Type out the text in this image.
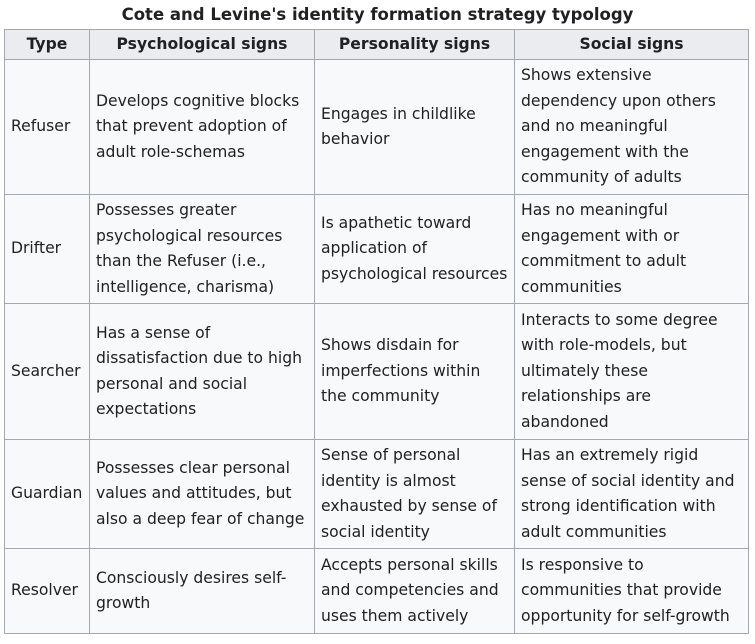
Cote and Levine's identity formation strategy typology
Type	Psychological signs	Personality signs	Social signs
Refuser	Develops cognitive blocks that prevent adoption of adult role-schemas	Engages in childlike behavior	Shows extensive dependency upon others and no meaningful engagement with the community of adults
Drifter	Possesses greater psychological resources than the Refuser (i.e., intelligence, charisma)	Is apathetic toward application of psychological resources	Has no meaningful engagement with or commitment to adult communities
Searcher	Has a sense of dissatisfaction due to high personal and social expectations	Shows disdain for imperfections within the community	Interacts to some degree with role-models, but ultimately these relationships are abandoned
Guardian	Possesses clear personal values and attitudes, but also a deep fear of change	Sense of personal identity is almost exhausted by sense of social identity	Has an extremely rigid sense of social identity and strong identification with adult communities
Resolver	Consciously desires self-growth	Accepts personal skills and competencies and uses them actively	Is responsive to communities that provide opportunity for self-growth
